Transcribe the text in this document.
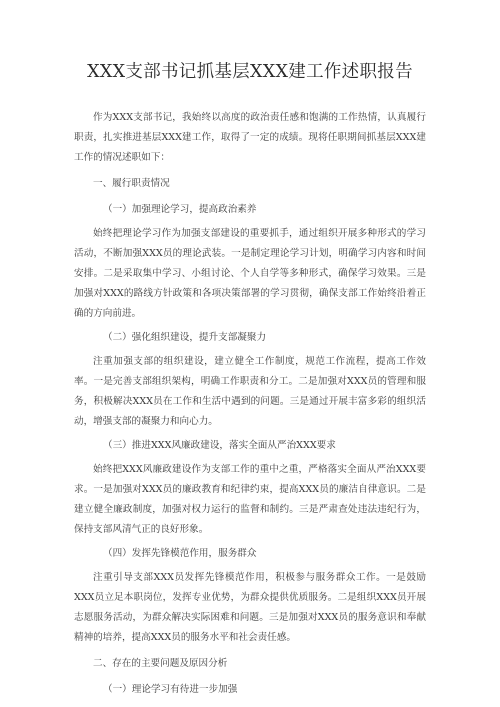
XXX支部书记抓基层XXX建工作述职报告

作为XXX支部书记，我始终以高度的政治责任感和饱满的工作热情，认真履行职责，扎实推进基层XXX建工作，取得了一定的成绩。现将任职期间抓基层XXX建工作的情况述职如下：

一、履行职责情况

（一）加强理论学习，提高政治素养

始终把理论学习作为加强支部建设的重要抓手，通过组织开展多种形式的学习活动，不断加强XXX员的理论武装。一是制定理论学习计划，明确学习内容和时间安排。二是采取集中学习、小组讨论、个人自学等多种形式，确保学习效果。三是加强对XXX的路线方针政策和各项决策部署的学习贯彻，确保支部工作始终沿着正确的方向前进。

（二）强化组织建设，提升支部凝聚力

注重加强支部的组织建设，建立健全工作制度，规范工作流程，提高工作效率。一是完善支部组织架构，明确工作职责和分工。二是加强对XXX员的管理和服务，积极解决XXX员在工作和生活中遇到的问题。三是通过开展丰富多彩的组织活动，增强支部的凝聚力和向心力。

（三）推进XXX风廉政建设，落实全面从严治XXX要求

始终把XXX风廉政建设作为支部工作的重中之重，严格落实全面从严治XXX要求。一是加强对XXX员的廉政教育和纪律约束，提高XXX员的廉洁自律意识。二是建立健全廉政制度，加强对权力运行的监督和制约。三是严肃查处违法违纪行为，保持支部风清气正的良好形象。

（四）发挥先锋模范作用，服务群众

注重引导支部XXX员发挥先锋模范作用，积极参与服务群众工作。一是鼓励XXX员立足本职岗位，发挥专业优势，为群众提供优质服务。二是组织XXX员开展志愿服务活动，为群众解决实际困难和问题。三是加强对XXX员的服务意识和奉献精神的培养，提高XXX员的服务水平和社会责任感。

二、存在的主要问题及原因分析

（一）理论学习有待进一步加强
